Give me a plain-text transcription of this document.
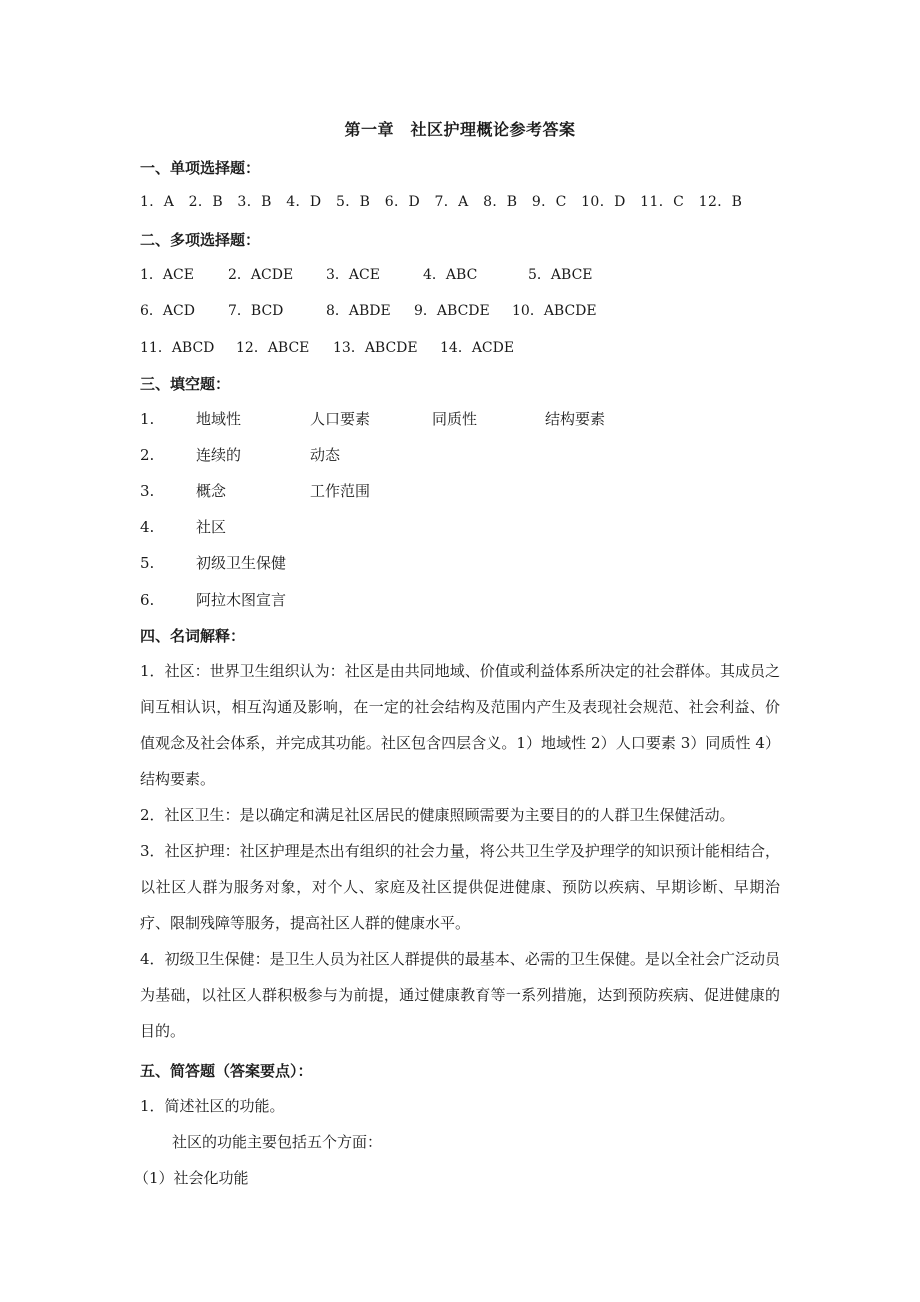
第一章　社区护理概论参考答案
一、单项选择题：
1．A　2．B　3．B　4．D　5．B　6．D　7．A　8．B　9．C　10．D　11．C　12．B
二、多项选择题：
1．ACE 2．ACDE 3．ACE	4．ABC	5．ABCE
6．ACD 7．BCD	8．ABDE 9．ABCDE 10．ABCDE
11．ABCD 12．ABCE 13．ABCDE 14．ACDE
三、填空题：
1.	地域性	人口要素	同质性	结构要素
2.	连续的	动态
3.	概念	工作范围
4.	社区
5.	初级卫生保健
6.	阿拉木图宣言
四、名词解释：
1．社区：世界卫生组织认为：社区是由共同地域、价值或利益体系所决定的社会群体。其成员之间互相认识，相互沟通及影响，在一定的社会结构及范围内产生及表现社会规范、社会利益、价值观念及社会体系，并完成其功能。社区包含四层含义。1）地域性 2）人口要素 3）同质性 4）结构要素。
2．社区卫生：是以确定和满足社区居民的健康照顾需要为主要目的的人群卫生保健活动。
3．社区护理：社区护理是杰出有组织的社会力量，将公共卫生学及护理学的知识预计能相结合，以社区人群为服务对象，对个人、家庭及社区提供促进健康、预防以疾病、早期诊断、早期治疗、限制残障等服务，提高社区人群的健康水平。
4．初级卫生保健：是卫生人员为社区人群提供的最基本、必需的卫生保健。是以全社会广泛动员为基础，以社区人群积极参与为前提，通过健康教育等一系列措施，达到预防疾病、促进健康的目的。
五、简答题（答案要点）：
1．简述社区的功能。
社区的功能主要包括五个方面：
（1）社会化功能
